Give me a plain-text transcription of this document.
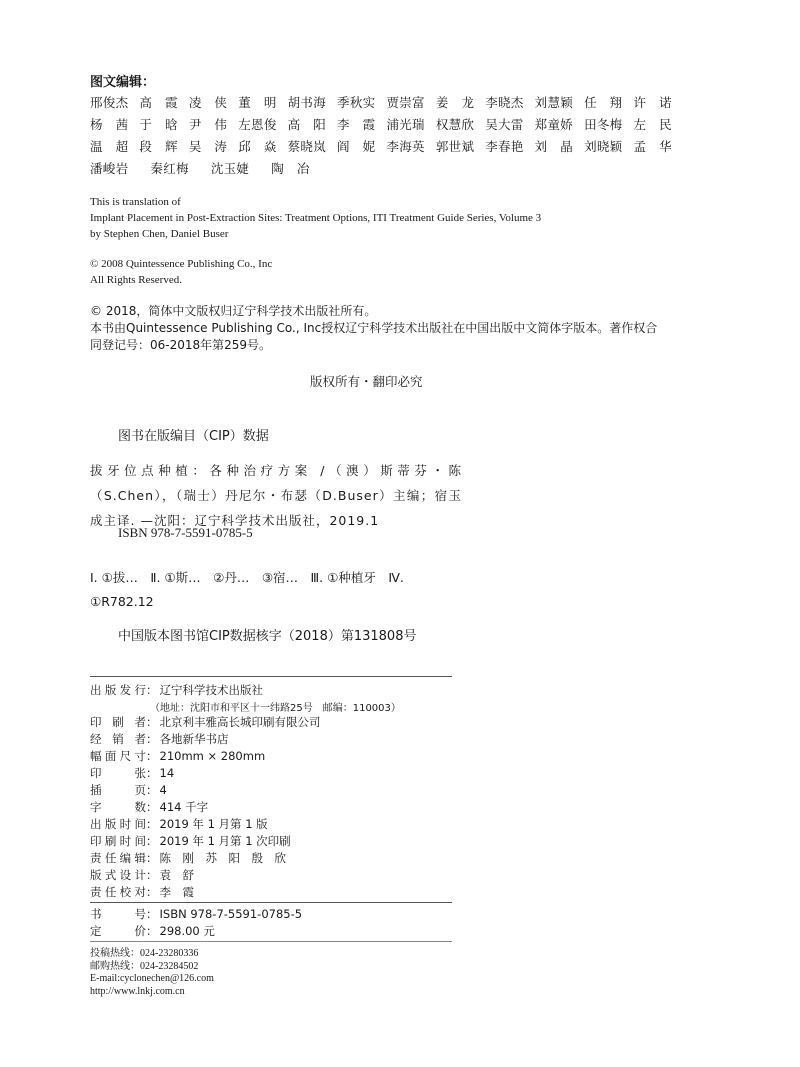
图文编辑：
邢俊杰 高　霞 凌　侠 董　明 胡书海 季秋实 贾崇富 姜　龙 李晓杰 刘慧颖 任　翔 许　诺
杨　茜 于　晗 尹　伟 左恩俊 高　阳 李　霞 浦光瑞 权慧欣 吴大雷 郑童娇 田冬梅 左　民
温　超 段　辉 吴　涛 邱　焱 蔡晓岚 阎　妮 李海英 郭世斌 李春艳 刘　晶 刘晓颖 孟　华
潘峻岩 秦红梅 沈玉婕 陶　冶
This is translation of
Implant Placement in Post-Extraction Sites: Treatment Options, ITI Treatment Guide Series, Volume 3
by Stephen Chen, Daniel Buser
© 2008 Quintessence Publishing Co., Inc
All Rights Reserved.
© 2018，简体中文版权归辽宁科学技术出版社所有。
本书由Quintessence Publishing Co., Inc授权辽宁科学技术出版社在中国出版中文简体字版本。著作权合
同登记号：06-2018年第259号。
版权所有・翻印必究
图书在版编目（CIP）数据
拔牙位点种植：各种治疗方案 /（澳）斯蒂芬・陈（S.Chen），（瑞士）丹尼尔・布瑟（D.Buser）主编；宿玉成主译. —沈阳：辽宁科学技术出版社，2019.1
ISBN 978-7-5591-0785-5
Ⅰ. ①拔…　Ⅱ. ①斯…　②丹…　③宿…　Ⅲ. ①种植牙　Ⅳ. ①R782.12
中国版本图书馆CIP数据核字（2018）第131808号
出版发行： 辽宁科学技术出版社
（地址：沈阳市和平区十一纬路25号　邮编：110003）
印刷者： 北京利丰雅高长城印刷有限公司
经销者： 各地新华书店
幅面尺寸： 210mm × 280mm
印张： 14
插页： 4
字数： 414 千字
出版时间： 2019 年 1 月第 1 版
印刷时间： 2019 年 1 月第 1 次印刷
责任编辑： 陈　刚　苏　阳　殷　欣
版式设计： 袁　舒
责任校对： 李　霞
书号： ISBN 978-7-5591-0785-5
定价： 298.00 元
投稿热线：024-23280336
邮购热线：024-23284502
E-mail:cyclonechen@126.com
http://www.lnkj.com.cn
